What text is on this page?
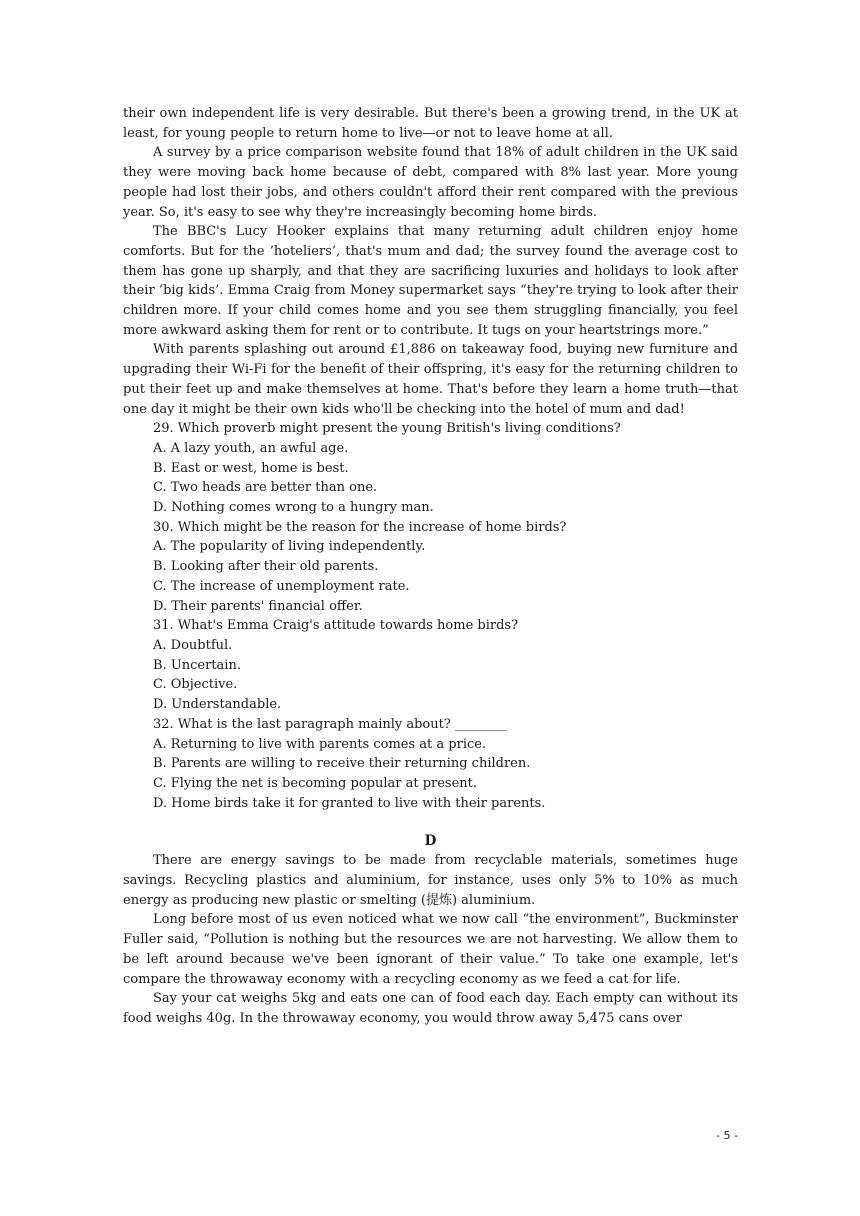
their own independent life is very desirable. But there's been a growing trend, in the UK at least, for young people to return home to live—or not to leave home at all.

A survey by a price comparison website found that 18% of adult children in the UK said they were moving back home because of debt, compared with 8% last year. More young people had lost their jobs, and others couldn't afford their rent compared with the previous year. So, it's easy to see why they're increasingly becoming home birds.

The BBC's Lucy Hooker explains that many returning adult children enjoy home comforts. But for the ‘hoteliers’, that's mum and dad; the survey found the average cost to them has gone up sharply, and that they are sacrificing luxuries and holidays to look after their ‘big kids’. Emma Craig from Money supermarket says “they're trying to look after their children more. If your child comes home and you see them struggling financially, you feel more awkward asking them for rent or to contribute. It tugs on your heartstrings more.”

With parents splashing out around £1,886 on takeaway food, buying new furniture and upgrading their Wi-Fi for the benefit of their offspring, it's easy for the returning children to put their feet up and make themselves at home. That's before they learn a home truth—that one day it might be their own kids who'll be checking into the hotel of mum and dad!

29. Which proverb might present the young British's living conditions?

A. A lazy youth, an awful age.

B. East or west, home is best.

C. Two heads are better than one.

D. Nothing comes wrong to a hungry man.

30. Which might be the reason for the increase of home birds?

A. The popularity of living independently.

B. Looking after their old parents.

C. The increase of unemployment rate.

D. Their parents' financial offer.

31. What's Emma Craig's attitude towards home birds?

A. Doubtful.

B. Uncertain.

C. Objective.

D. Understandable.

32. What is the last paragraph mainly about? ________

A. Returning to live with parents comes at a price.

B. Parents are willing to receive their returning children.

C. Flying the net is becoming popular at present.

D. Home birds take it for granted to live with their parents.

D

There are energy savings to be made from recyclable materials, sometimes huge savings. Recycling plastics and aluminium, for instance, uses only 5% to 10% as much energy as producing new plastic or smelting (提炼) aluminium.

Long before most of us even noticed what we now call “the environment”, Buckminster Fuller said, “Pollution is nothing but the resources we are not harvesting. We allow them to be left around because we've been ignorant of their value.” To take one example, let's compare the throwaway economy with a recycling economy as we feed a cat for life.

Say your cat weighs 5kg and eats one can of food each day. Each empty can without its food weighs 40g. In the throwaway economy, you would throw away 5,475 cans over

- 5 -
